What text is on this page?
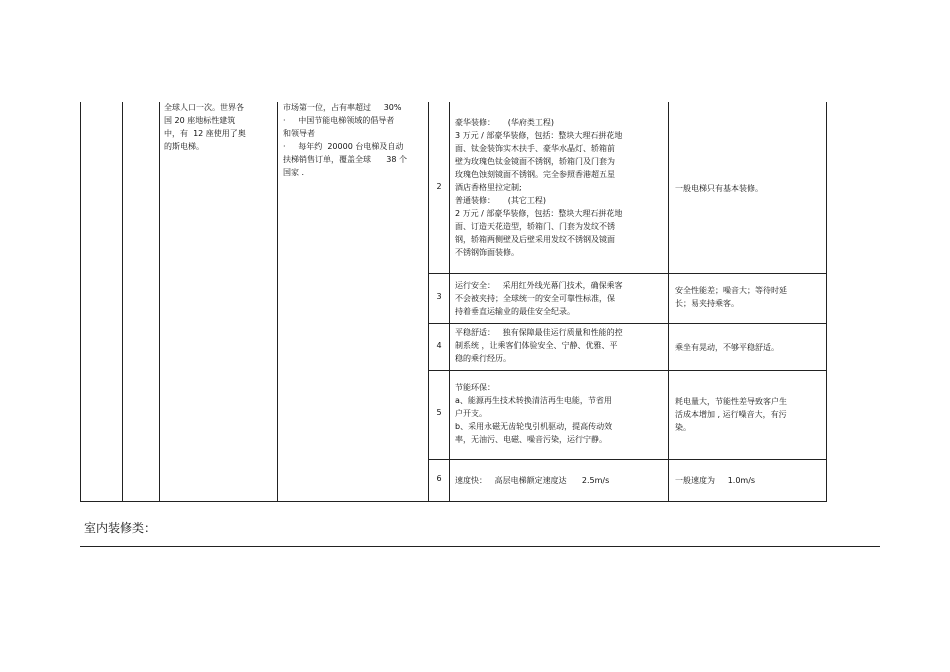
全球人口一次。世界各

国 20 座地标性建筑

中，有  12 座使用了奥

的斯电梯。

市场第一位，占有率超过     30%

·     中国节能电梯领域的倡导者

和领导者

·     每年约  20000 台电梯及自动

扶梯销售订单，覆盖全球      38 个

国家 .

2

豪华装修：     (华府类工程)

3 万元 / 部豪华装修，包括：整块大理石拼花地

面、钛金装饰实木扶手、豪华水晶灯、轿箱前

壁为玫瑰色钛金镜面不锈钢，轿箱门及门套为

玫瑰色蚀刻镜面不锈钢。完全参照香港超五星

酒店香格里拉定制;

普通装修：     (其它工程)

2 万元 / 部豪华装修，包括：整块大理石拼花地

面、订造天花造型，轿箱门、门套为发纹不锈

钢，轿箱两侧壁及后壁采用发纹不锈钢及镜面

不锈钢饰面装修。

一般电梯只有基本装修。

3

运行安全：   采用红外线光幕门技术，确保乘客

不会被夹持；全球统一的安全可靠性标准，保

持着垂直运输业的最佳安全纪录。

安全性能差；噪音大；等待时延

长；易夹持乘客。

4

平稳舒适：   独有保障最佳运行质量和性能的控

制系统 ，让乘客们体验安全、宁静、优雅、平

稳的乘行经历。

乘坐有晃动，不够平稳舒适。

5

节能环保：

a、能源再生技术转换清洁再生电能，节省用

户开支。

b、采用永磁无齿轮曳引机驱动，提高传动效

率，无油污、电磁、噪音污染，运行宁静。

耗电量大，节能性差导致客户生

活成本增加 , 运行噪音大，有污

染。

6	速度快：   高层电梯额定速度达      2.5m/s	一般速度为     1.0m/s

室内装修类：
